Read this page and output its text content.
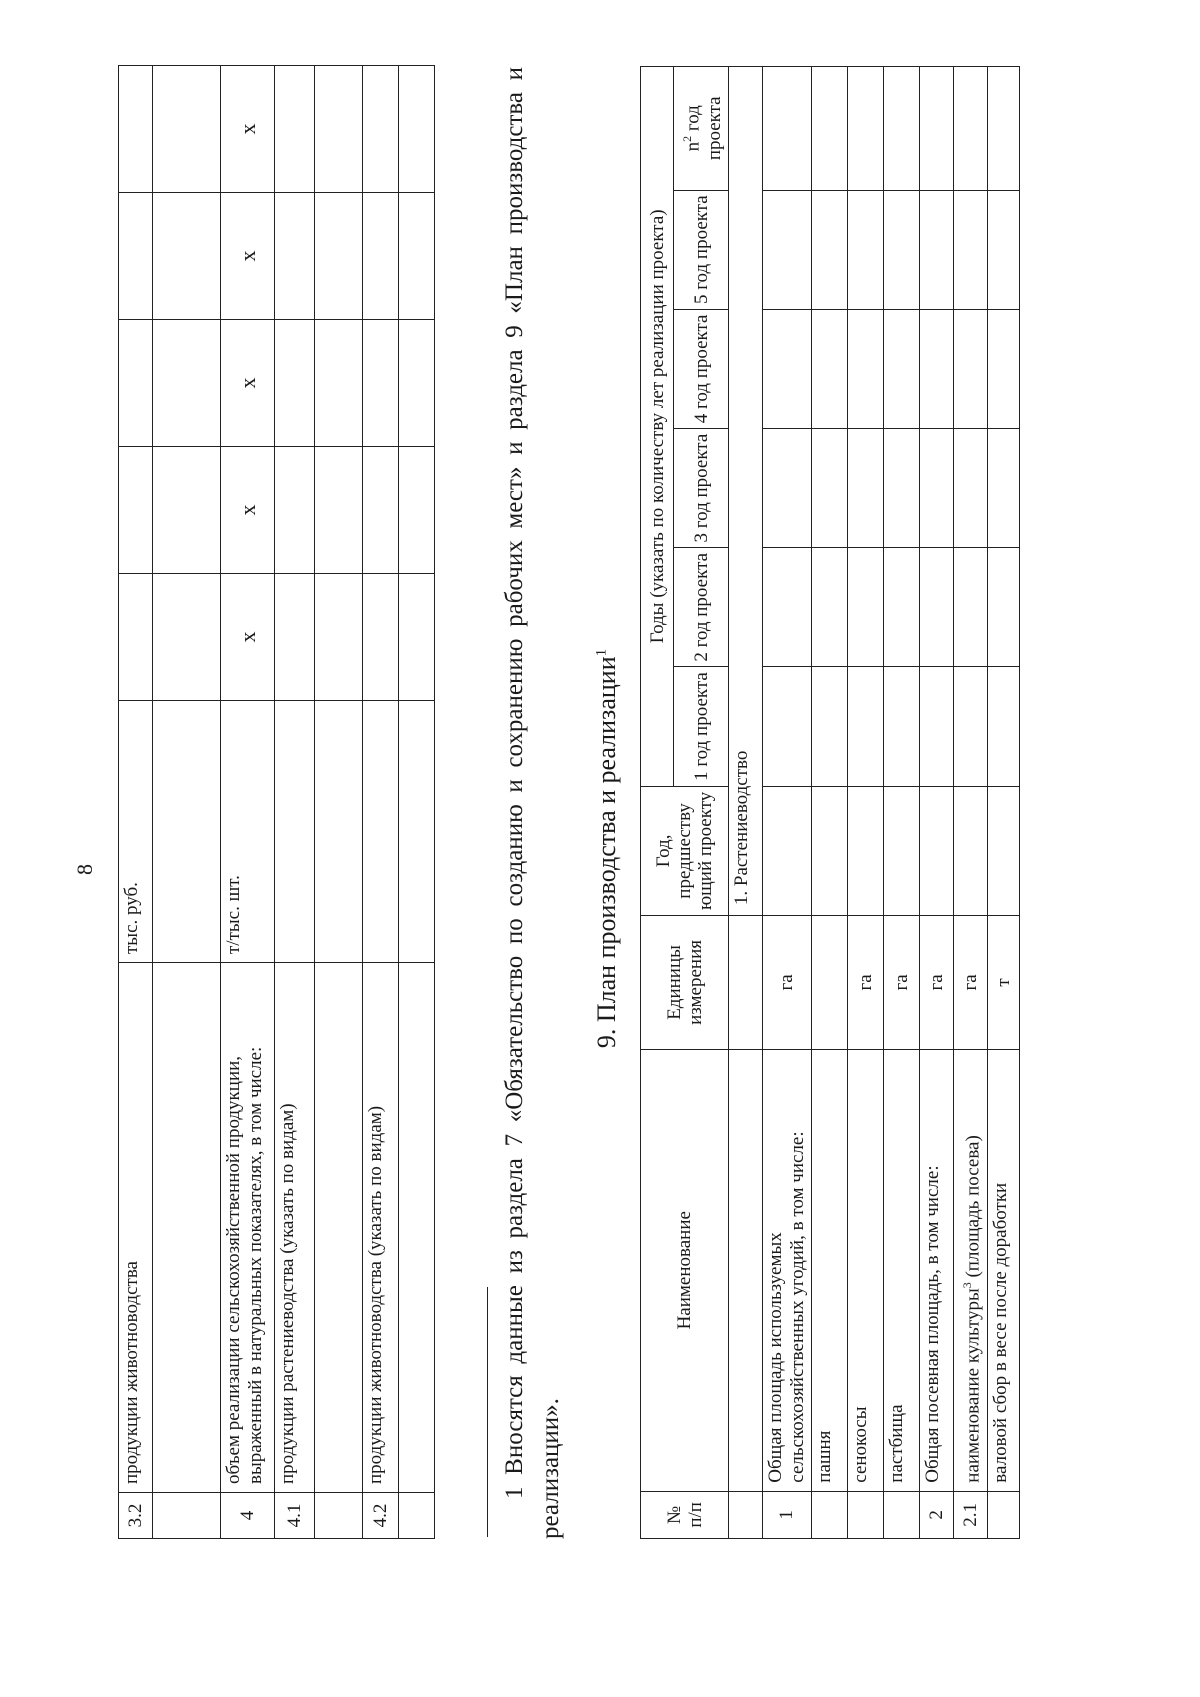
8
3.2	продукции животноводства	тыс. руб.					

4	объем реализации сельскохозяйственной продукции, выраженный в натуральных показателях, в том числе:	т/тыс. шт.	x	x	x	x	x
4.1	продукции растениеводства (указать по видам)						

4.2	продукции животноводства (указать по видам)						
								1 Вносятся данные из раздела 7 «Обязательство по созданию и сохранению рабочих мест» и раздела 9 «План производства и реализации».
9. План производства и реализации$^1$
№ п/п	Наименование	Единицы измерения	Год, предшеству ющий проекту	Годы (указать по количеству лет реализации проекта)					
				1 год проекта	2 год проекта	3 год проекта	4 год проекта	5 год проекта	$n^2$ год проекта
			1. Растениеводство						
1	Общая площадь используемых сельскохозяйственных угодий, в том числе:	га							
	пашня								
	сенокосы	га							
	пастбища	га							
2	Общая посевная площадь, в том числе:	га							
2.1	наименование культуры$^3$ (площадь посева)	га							
	валовой сбор в весе после доработки	т							
